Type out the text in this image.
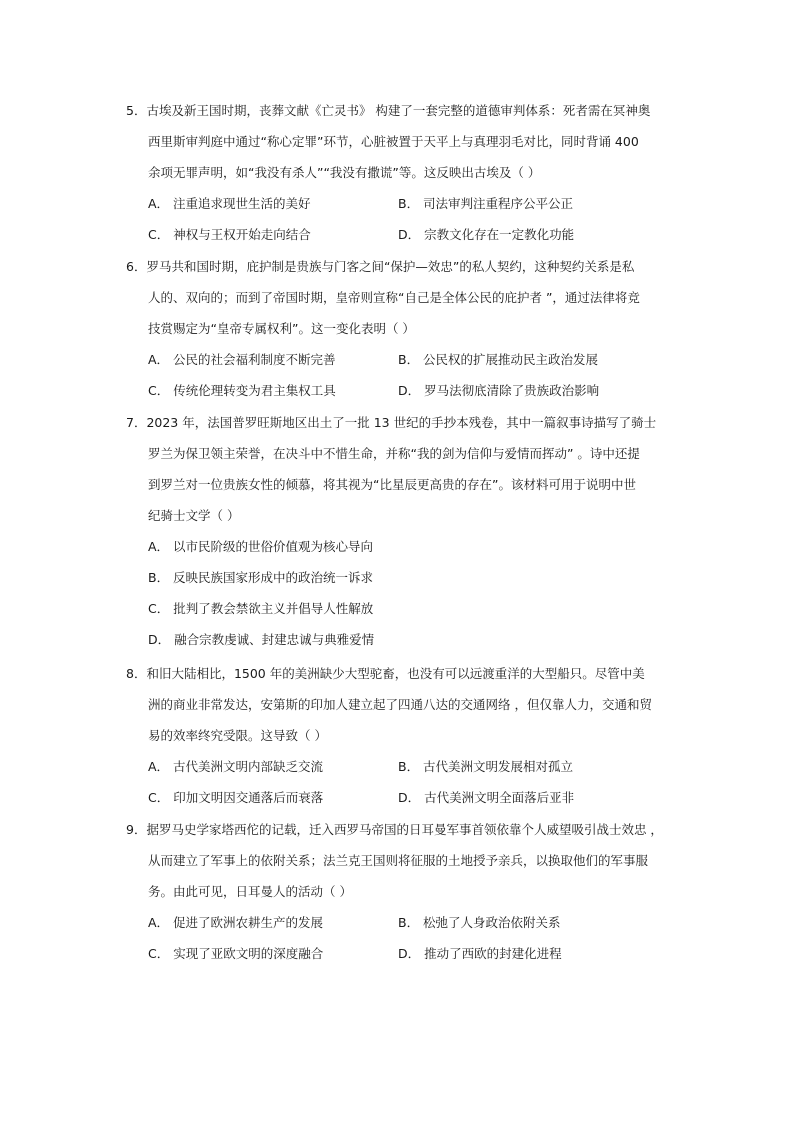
5．古埃及新王国时期，丧葬文献《亡灵书》 构建了一套完整的道德审判体系：死者需在冥神奥
西里斯审判庭中通过“称心定罪”环节，心脏被置于天平上与真理羽毛对比，同时背诵 400
余项无罪声明，如“我没有杀人”“我没有撒谎”等。这反映出古埃及（ ）
A． 注重追求现世生活的美好	B． 司法审判注重程序公平公正
C． 神权与王权开始走向结合	D． 宗教文化存在一定教化功能
6．罗马共和国时期，庇护制是贵族与门客之间“保护—效忠”的私人契约，这种契约关系是私
人的、双向的；而到了帝国时期，皇帝则宣称“自己是全体公民的庇护者 ”，通过法律将竞
技赏赐定为“皇帝专属权利”。这一变化表明（ ）
A． 公民的社会福利制度不断完善	B． 公民权的扩展推动民主政治发展
C． 传统伦理转变为君主集权工具	D． 罗马法彻底清除了贵族政治影响
7．2023 年，法国普罗旺斯地区出土了一批 13 世纪的手抄本残卷，其中一篇叙事诗描写了骑士
罗兰为保卫领主荣誉，在决斗中不惜生命，并称“我的剑为信仰与爱情而挥动” 。诗中还提
到罗兰对一位贵族女性的倾慕，将其视为“比星辰更高贵的存在”。该材料可用于说明中世
纪骑士文学（ ）
A． 以市民阶级的世俗价值观为核心导向
B． 反映民族国家形成中的政治统一诉求
C． 批判了教会禁欲主义并倡导人性解放
D． 融合宗教虔诚、封建忠诚与典雅爱情
8．和旧大陆相比，1500 年的美洲缺少大型驼畜，也没有可以远渡重洋的大型船只。尽管中美
洲的商业非常发达，安第斯的印加人建立起了四通八达的交通网络 ，但仅靠人力，交通和贸
易的效率终究受限。这导致（ ）
A． 古代美洲文明内部缺乏交流	B． 古代美洲文明发展相对孤立
C． 印加文明因交通落后而衰落	D． 古代美洲文明全面落后亚非
9．据罗马史学家塔西佗的记载，迁入西罗马帝国的日耳曼军事首领依靠个人威望吸引战士效忠 ，
从而建立了军事上的依附关系；法兰克王国则将征服的土地授予亲兵，以换取他们的军事服
务。由此可见，日耳曼人的活动（ ）
A． 促进了欧洲农耕生产的发展	B． 松弛了人身政治依附关系
C． 实现了亚欧文明的深度融合	D． 推动了西欧的封建化进程
